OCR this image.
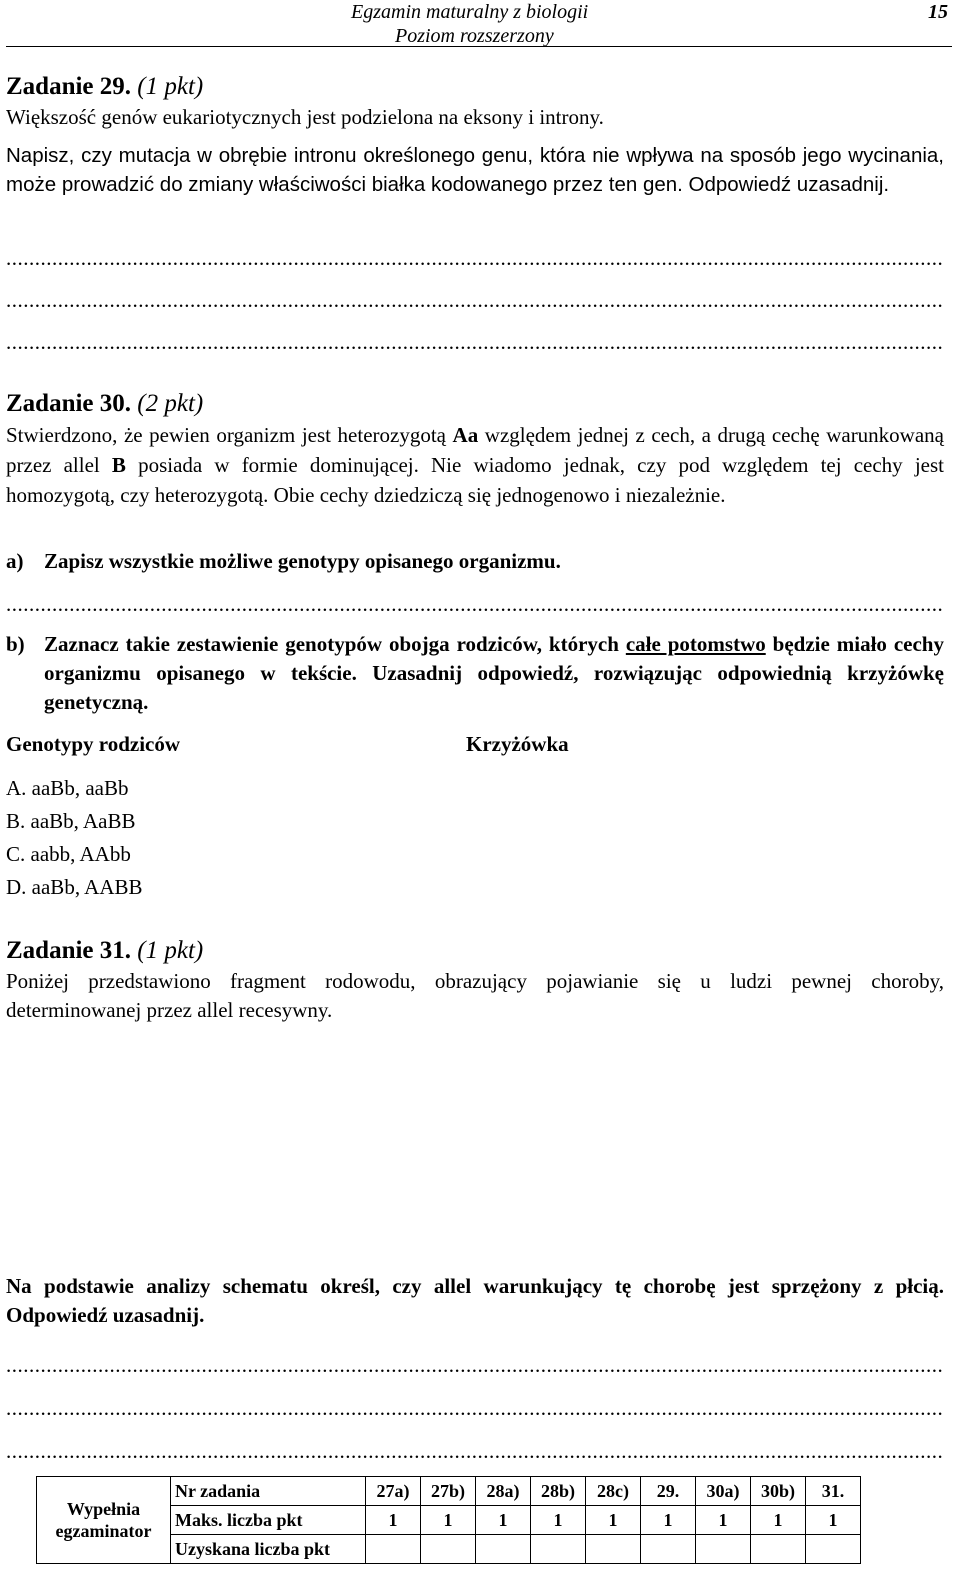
Egzamin maturalny z biologii
Poziom rozszerzony
15
Zadanie 29. (1 pkt)

Większość genów eukariotycznych jest podzielona na eksony i introny.

Napisz, czy mutacja w obrębie intronu określonego genu, która nie wpływa na sposób jego wycinania, może prowadzić do zmiany właściwości białka kodowanego przez ten gen. Odpowiedź uzasadnij.

.....
.....
.....
Zadanie 30. (2 pkt)

Stwierdzono, że pewien organizm jest heterozygotą Aa względem jednej z cech, a drugą cechę warunkowaną przez allel B posiada w formie dominującej. Nie wiadomo jednak, czy pod względem tej cechy jest homozygotą, czy heterozygotą. Obie cechy dziedziczą się jednogenowo i niezależnie.

a) Zapisz wszystkie możliwe genotypy opisanego organizmu.
.....
b) Zaznacz takie zestawienie genotypów obojga rodziców, których całe potomstwo będzie miało cechy organizmu opisanego w tekście. Uzasadnij odpowiedź, rozwiązując odpowiednią krzyżówkę genetyczną.

Genotypy rodziców	Krzyżówka
A. aaBb, aaBb
B. aaBb, AaBB
C. aabb, AAbb
D. aaBb, AABB
Zadanie 31. (1 pkt)

Poniżej przedstawiono fragment rodowodu, obrazujący pojawianie się u ludzi pewnej choroby, determinowanej przez allel recesywny.

Na podstawie analizy schematu określ, czy allel warunkujący tę chorobę jest sprzężony z płcią. Odpowiedź uzasadnij.

.....
.....
.....
Wypełnia egzaminator	Nr zadania	27a)	27b)	28a)	28b)	28c)	29.	30a)	30b)	31.
	Maks. liczba pkt	1	1	1	1	1	1	1	1	1
	Uzyskana liczba pkt									
